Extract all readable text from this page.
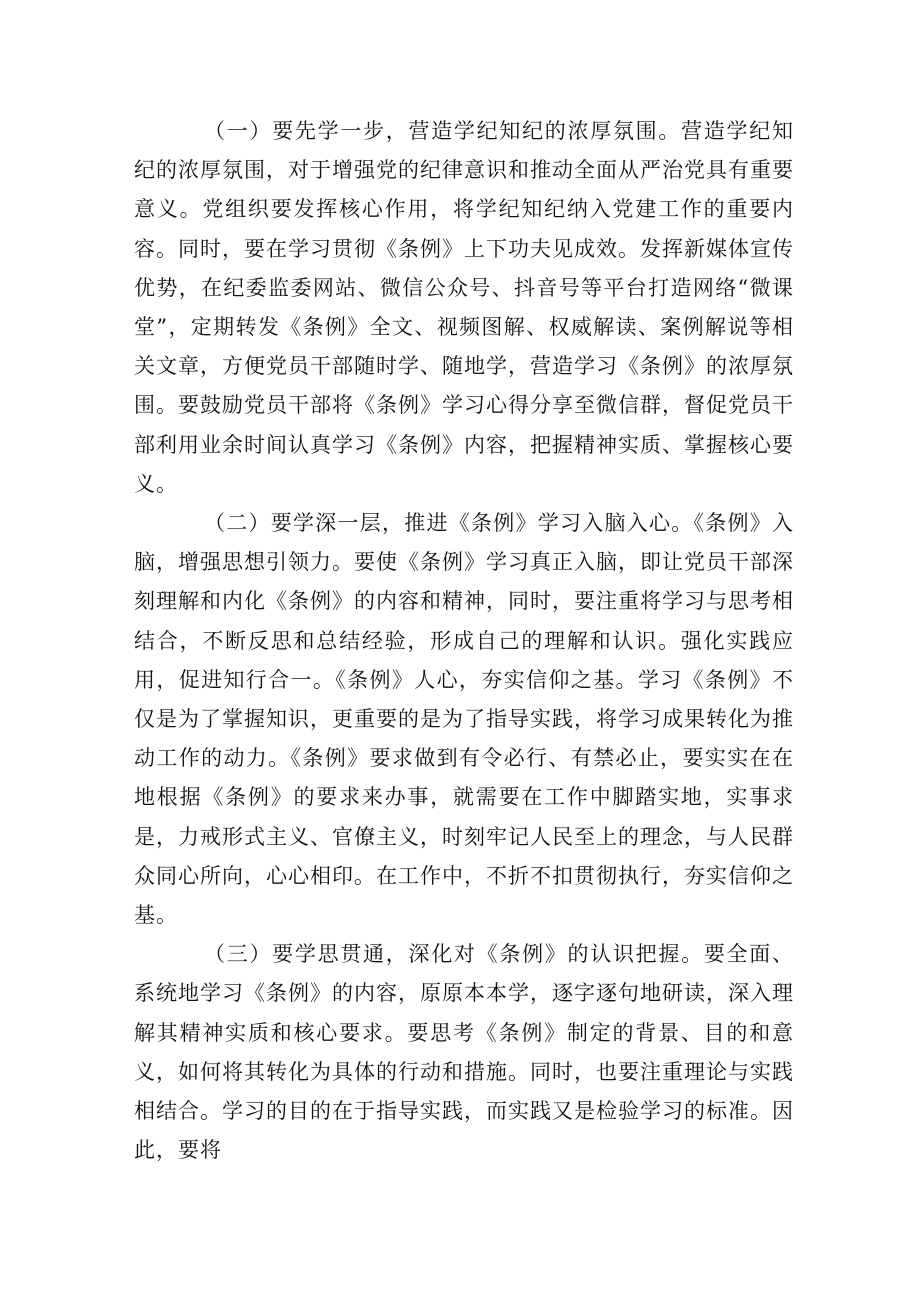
（一）要先学一步，营造学纪知纪的浓厚氛围。营造学纪知纪的浓厚氛围，对于增强党的纪律意识和推动全面从严治党具有重要意义。党组织要发挥核心作用，将学纪知纪纳入党建工作的重要内容。同时，要在学习贯彻《条例》上下功夫见成效。发挥新媒体宣传优势，在纪委监委网站、微信公众号、抖音号等平台打造网络“微课堂”，定期转发《条例》全文、视频图解、权威解读、案例解说等相关文章，方便党员干部随时学、随地学，营造学习《条例》的浓厚氛围。要鼓励党员干部将《条例》学习心得分享至微信群，督促党员干部利用业余时间认真学习《条例》内容，把握精神实质、掌握核心要义。

（二）要学深一层，推进《条例》学习入脑入心。《条例》入脑，增强思想引领力。要使《条例》学习真正入脑，即让党员干部深刻理解和内化《条例》的内容和精神，同时，要注重将学习与思考相结合，不断反思和总结经验，形成自己的理解和认识。强化实践应用，促进知行合一。《条例》人心，夯实信仰之基。学习《条例》不仅是为了掌握知识，更重要的是为了指导实践，将学习成果转化为推动工作的动力。《条例》要求做到有令必行、有禁必止，要实实在在地根据《条例》的要求来办事，就需要在工作中脚踏实地，实事求是，力戒形式主义、官僚主义，时刻牢记人民至上的理念，与人民群众同心所向，心心相印。在工作中，不折不扣贯彻执行，夯实信仰之基。

（三）要学思贯通，深化对《条例》的认识把握。要全面、系统地学习《条例》的内容，原原本本学，逐字逐句地研读，深入理解其精神实质和核心要求。要思考《条例》制定的背景、目的和意义，如何将其转化为具体的行动和措施。同时，也要注重理论与实践相结合。学习的目的在于指导实践，而实践又是检验学习的标准。因此，要将
